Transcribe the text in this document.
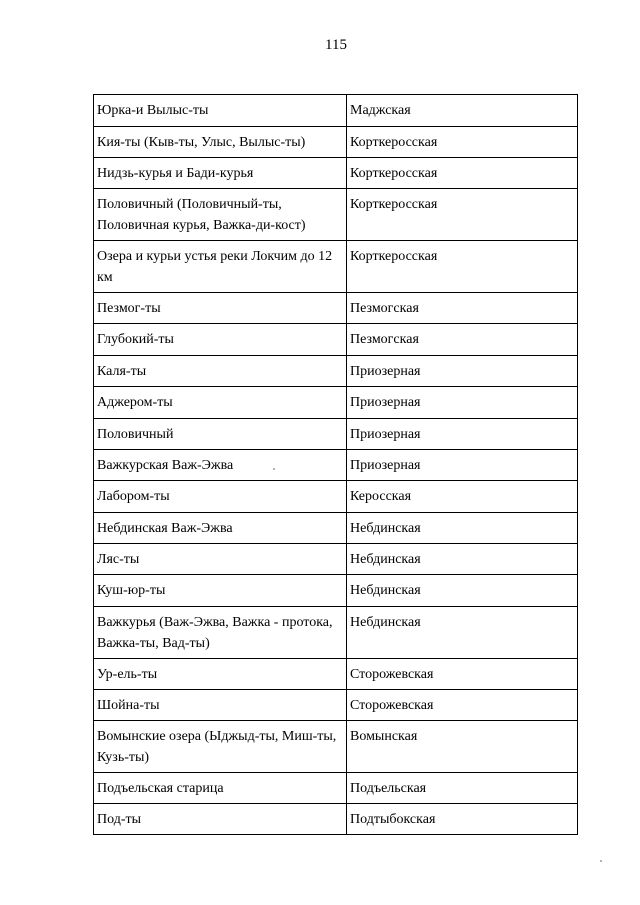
115
Юрка-и Вылыс-ты	Маджская
Кия-ты (Кыв-ты, Улыс, Вылыс-ты)	Корткеросская
Нидзь-курья и Бади-курья	Корткеросская
Половичный (Половичный-ты, Половичная курья, Важка-ди-кост)	Корткеросская
Озера и курьи устья реки Локчим до 12 км	Корткеросская
Пезмог-ты	Пезмогская
Глубокий-ты	Пезмогская
Каля-ты	Приозерная
Аджером-ты	Приозерная
Половичный	Приозерная
Важкурская Важ-Эжва	Приозерная
Лабором-ты	Керосская
Небдинская Важ-Эжва	Небдинская
Ляс-ты	Небдинская
Куш-юр-ты	Небдинская
Важкурья (Важ-Эжва, Важка - протока, Важка-ты, Вад-ты)	Небдинская
Ур-ель-ты	Сторожевская
Шойна-ты	Сторожевская
Вомынские озера (Ыджыд-ты, Миш-ты, Кузь-ты)	Вомынская
Подъельская старица	Подъельская
Под-ты	Подтыбокская
